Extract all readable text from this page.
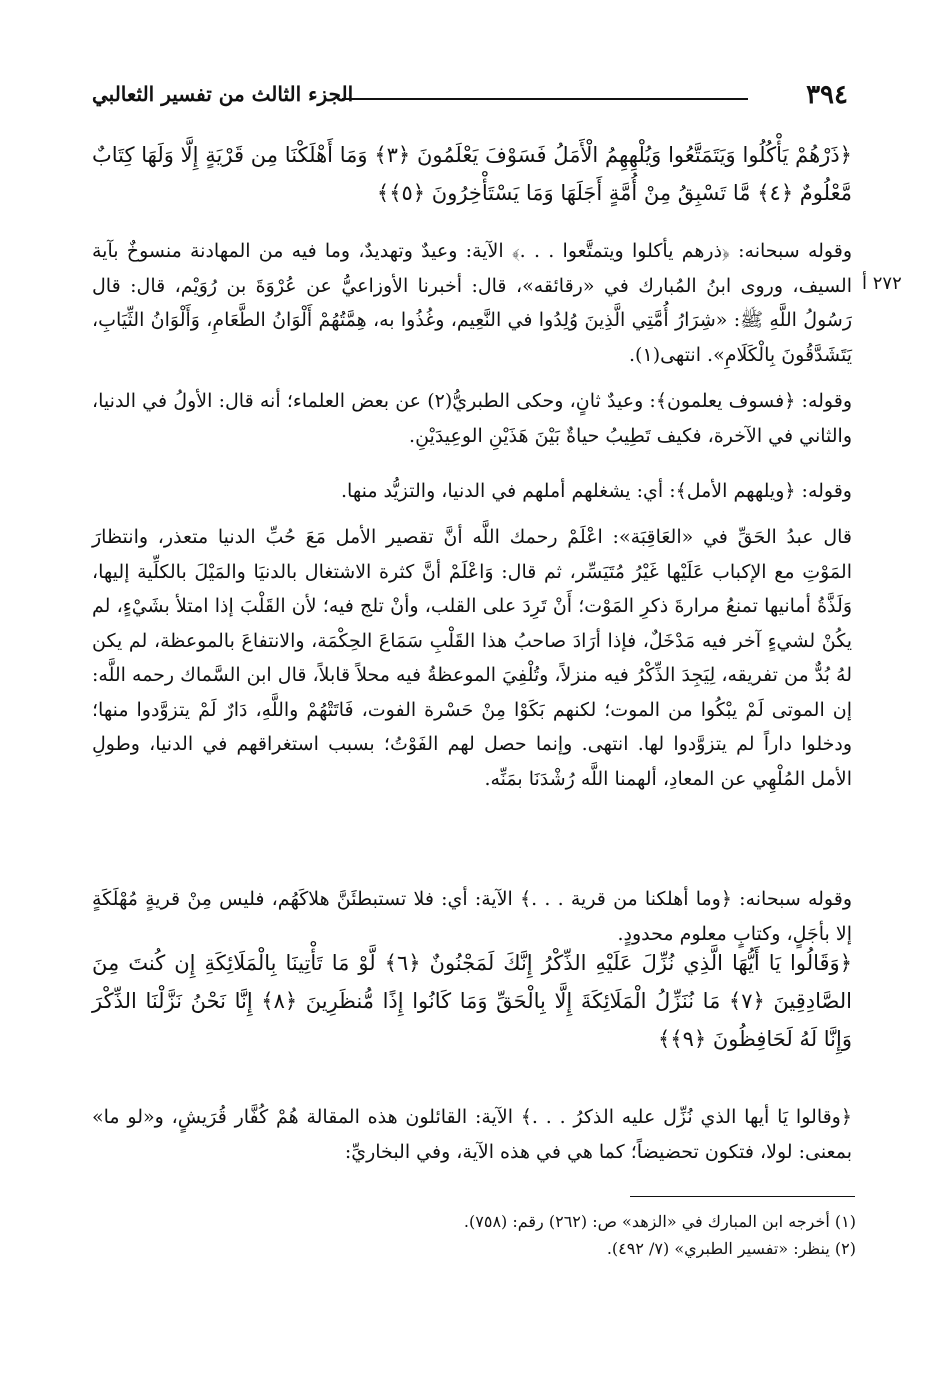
٣٩٤
الجزء الثالث من تفسير الثعالبي
﴿ذَرْهُمْ يَأْكُلُوا وَيَتَمَتَّعُوا وَيُلْهِهِمُ الْأَمَلُ فَسَوْفَ يَعْلَمُونَ ﴿٣﴾ وَمَا أَهْلَكْنَا مِن قَرْيَةٍ إِلَّا وَلَهَا كِتَابٌ مَّعْلُومٌ ﴿٤﴾ مَّا تَسْبِقُ مِنْ أُمَّةٍ أَجَلَهَا وَمَا يَسْتَأْخِرُونَ ﴿٥﴾﴾
٢٧٢ أ
وقوله سبحانه: ﴿ذرهم يأكلوا ويتمتَّعوا . . .﴾ الآية: وعيدٌ وتهديدٌ، وما فيه من المهادنة منسوخٌ بآية السيف، وروى ابنُ المُبارك في «رقائقه»، قال: أخبرنا الأوزاعيُّ عن عُرْوَةَ بن رُوَيْم، قال: قال رَسُولُ اللَّهِ ﷺ: «شِرَارُ أُمَّتِي الَّذِينَ وُلِدُوا في النَّعِيم، وغُذُوا به، هِمَّتُهُمْ أَلْوَانُ الطَّعَامِ، وَأَلْوَانُ الثِّيَابِ، يَتَشَدَّقُونَ بِالْكَلَامِ». انتهى(١).
وقوله: ﴿فسوف يعلمون﴾: وعيدٌ ثانٍ، وحكى الطبريُّ(٢) عن بعض العلماء؛ أنه قال: الأولُ في الدنيا، والثاني في الآخرة، فكيف تَطِيبُ حياةٌ بَيْنَ هَذَيْنِ الوعِيدَيْنِ.
وقوله: ﴿ويلههم الأمل﴾: أي: يشغلهم أملهم في الدنيا، والتزيُّد منها.
قال عبدُ الحَقِّ في «العَاقِبَة»: اعْلَمْ رحمك اللَّه أنَّ تقصير الأمل مَعَ حُبِّ الدنيا متعذر، وانتظارَ المَوْتِ مع الإكباب عَلَيْها غَيْرُ مُتَيَسِّر، ثم قال: وَاعْلَمْ أنَّ كثرة الاشتغال بالدنيَا والمَيْلَ بالكلِّية إليها، وَلَذَّةُ أمانيها تمنعُ مرارةَ ذكرِ المَوْت؛ أَنْ تَرِدَ على القلب، وأنْ تلج فيه؛ لأن القَلْبَ إذا امتلأ بشَيْءٍ، لم يكُنْ لشيءٍ آخر فيه مَدْخَلٌ، فإذا أرَادَ صاحبُ هذا القَلْبِ سَمَاعَ الحِكْمَة، والانتفاعَ بالموعظة، لم يكن لهُ بُدٌّ من تفريقه، لِيَجِدَ الذِّكْرُ فيه منزلاً، وتُلْفِيَ الموعظةُ فيه محلاً قابلاً، قال ابن السَّماك رحمه اللَّه: إن الموتى لَمْ يبْكُوا من الموت؛ لكنهم بَكَوْا مِنْ حَسْرة الفوت، فَاتَتْهُمْ واللَّهِ، دَارٌ لَمْ يتزوَّدوا منها؛ ودخلوا داراً لم يتزوَّدوا لها. انتهى. وإنما حصل لهم الفَوْتُ؛ بسبب استغراقهم في الدنيا، وطولِ الأمل المُلْهِي عن المعادِ، ألهمنا اللَّه رُشْدَنَا بمَنِّه.
وقوله سبحانه: ﴿وما أهلكنا من قرية . . .﴾ الآية: أي: فلا تستبطئَنَّ هلاكَهُم، فليس مِنْ قريةٍ مُهْلَكَةٍ إلا بأجَلٍ، وكتابٍ معلوم محدودٍ.
﴿وَقَالُوا يَا أَيُّهَا الَّذِي نُزِّلَ عَلَيْهِ الذِّكْرُ إِنَّكَ لَمَجْنُونٌ ﴿٦﴾ لَّوْ مَا تَأْتِينَا بِالْمَلَائِكَةِ إِن كُنتَ مِنَ الصَّادِقِينَ ﴿٧﴾ مَا نُنَزِّلُ الْمَلَائِكَةَ إِلَّا بِالْحَقِّ وَمَا كَانُوا إِذًا مُّنظَرِينَ ﴿٨﴾ إِنَّا نَحْنُ نَزَّلْنَا الذِّكْرَ وَإِنَّا لَهُ لَحَافِظُونَ ﴿٩﴾﴾
﴿وقالوا يَا أيها الذي نُزِّل عليه الذكرُ . . .﴾ الآية: القائلون هذه المقالة هُمْ كُفَّار قُرَيشٍ، و«لو ما» بمعنى: لولا، فتكون تحضيضاً؛ كما هي في هذه الآية، وفي البخاريِّ:
(١) أخرجه ابن المبارك في «الزهد» ص: (٢٦٢) رقم: (٧٥٨).
(٢) ينظر: «تفسير الطبري» (٧/ ٤٩٢).
